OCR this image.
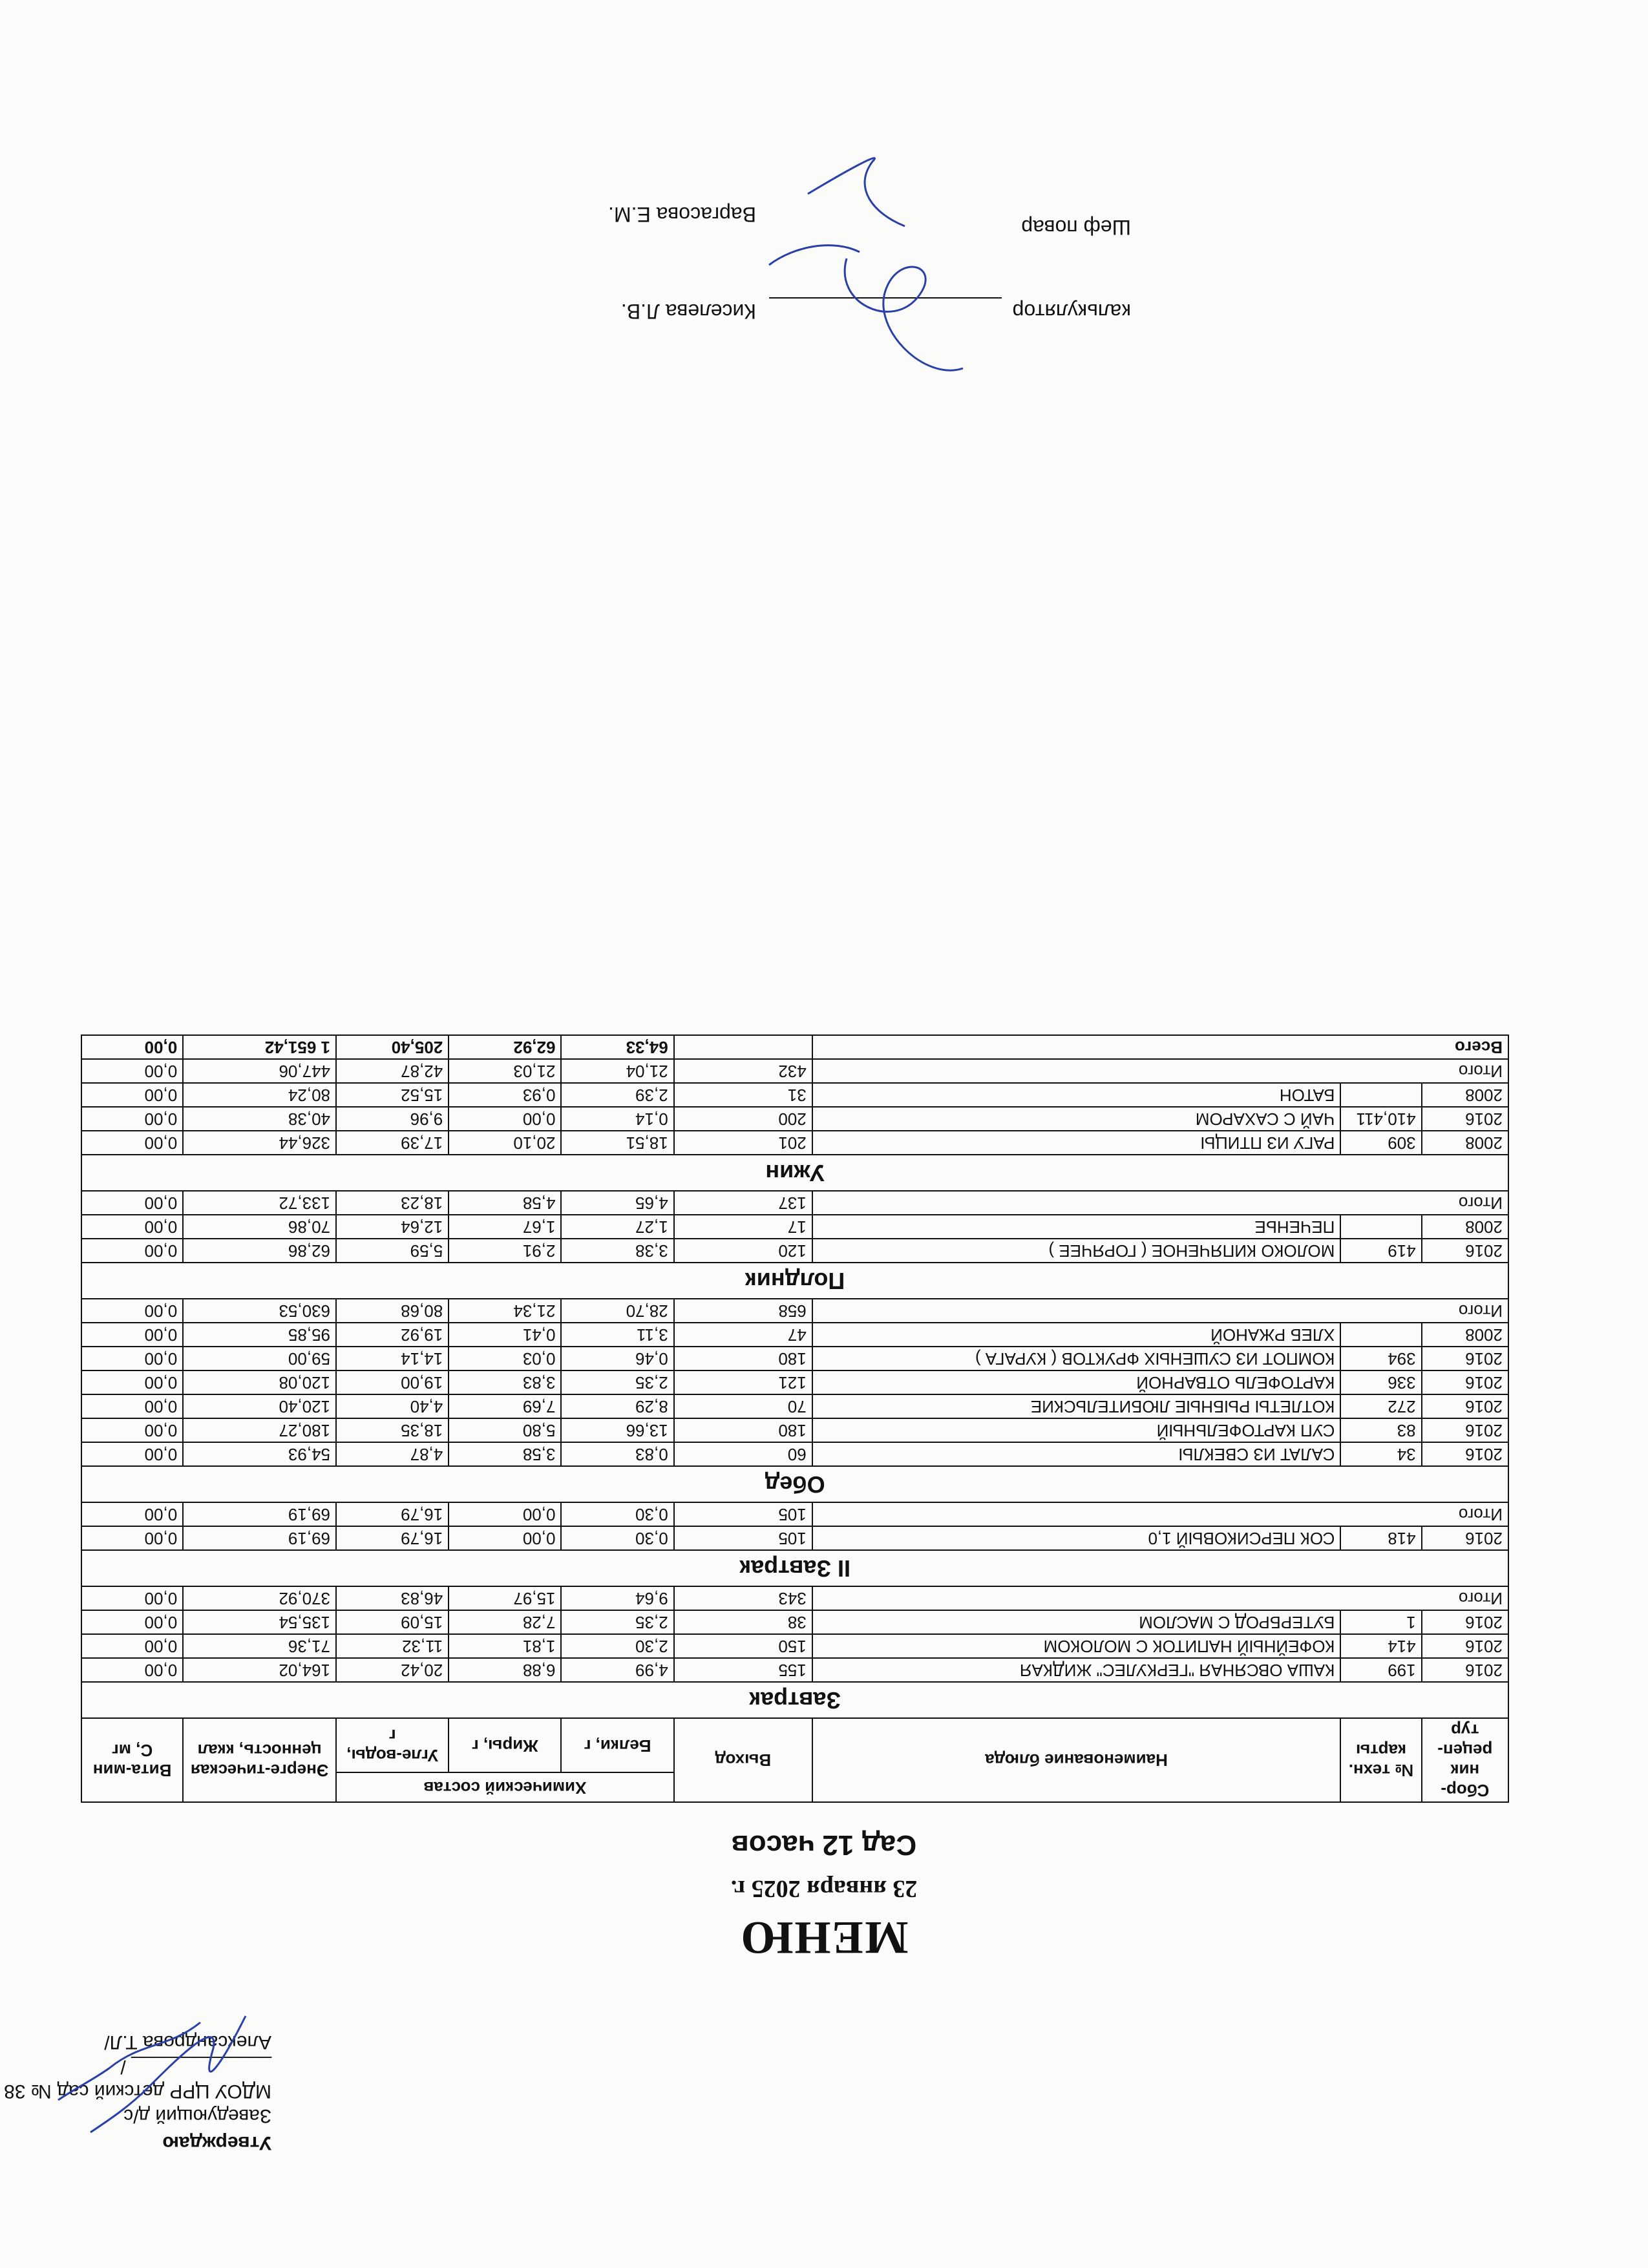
Утверждаю
Заведующий д/с
МДОУ ЦРР детский сад № 38
_____________ /Александрова Т.Л/
МЕНЮ
23 января 2025 г.
Сад 12 часов
Сбор-ник рецеп-тур	№ техн. карты	Наименование блюда	Выход	Химический состав			Энерге-тическая ценность, ккал	Вита-мин С, мг
				Белки, г	Жиры, г	Угле-воды, г		
Завтрак								
2016	199	КАША ОВСЯНАЯ "ГЕРКУЛЕС" ЖИДКАЯ	155	4,99	6,88	20,42	164,02	0,00
2016	414	КОФЕЙНЫЙ НАПИТОК С МОЛОКОМ	150	2,30	1,81	11,32	71,36	0,00
2016	1	БУТЕРБРОД С МАСЛОМ	38	2,35	7,28	15,09	135,54	0,00
Итого			343	9,64	15,97	46,83	370,92	0,00
II Завтрак								
2016	418	СОК ПЕРСИКОВЫЙ 1,0	105	0,30	0,00	16,79	69,19	0,00
Итого			105	0,30	0,00	16,79	69,19	0,00
Обед								
2016	34	САЛАТ ИЗ СВЕКЛЫ	60	0,83	3,58	4,87	54,93	0,00
2016	83	СУП КАРТОФЕЛЬНЫЙ	180	13,66	5,80	18,35	180,27	0,00
2016	272	КОТЛЕТЫ РЫБНЫЕ ЛЮБИТЕЛЬСКИЕ	70	8,29	7,69	4,40	120,40	0,00
2016	336	КАРТОФЕЛЬ ОТВАРНОЙ	121	2,35	3,83	19,00	120,08	0,00
2016	394	КОМПОТ ИЗ СУШЕНЫХ ФРУКТОВ ( КУРАГА )	180	0,46	0,03	14,14	59,00	0,00
2008		ХЛЕБ РЖАНОЙ	47	3,11	0,41	19,92	95,85	0,00
Итого			658	28,70	21,34	80,68	630,53	0,00
Полдник								
2016	419	МОЛОКО КИПЯЧЕНОЕ ( ГОРЯЧЕЕ )	120	3,38	2,91	5,59	62,86	0,00
2008		ПЕЧЕНЬЕ	17	1,27	1,67	12,64	70,86	0,00
Итого			137	4,65	4,58	18,23	133,72	0,00
Ужин								
2008	309	РАГУ ИЗ ПТИЦЫ	201	18,51	20,10	17,39	326,44	0,00
2016	410,411	ЧАЙ С САХАРОМ	200	0,14	0,00	9,96	40,38	0,00
2008		БАТОН	31	2,39	0,93	15,52	80,24	0,00
Итого			432	21,04	21,03	42,87	447,06	0,00
Всего				64,33	62,92	205,40	1 651,42	0,00
калькулятор
Киселева Л.В.
Шеф повар
Варгасова Е.М.
